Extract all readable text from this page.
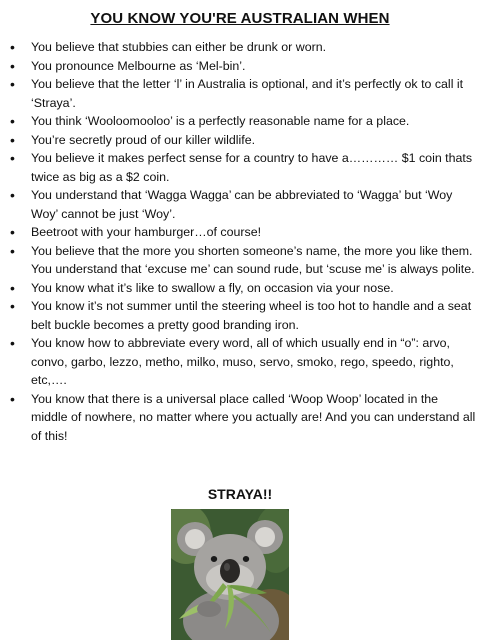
YOU KNOW YOU'RE AUSTRALIAN WHEN
• You believe that stubbies can either be drunk or worn.
• You pronounce Melbourne as ‘Mel-bin’.
• You believe that the letter ‘l’ in Australia is optional, and it’s perfectly ok to call it ‘Straya’.
• You think ‘Wooloomooloo’ is a perfectly reasonable name for a place.
• You’re secretly proud of our killer wildlife.
• You believe it makes perfect sense for a country to have a………… $1 coin thats twice as big as a $2 coin.
• You understand that ‘Wagga Wagga’ can be abbreviated to ‘Wagga’ but ‘Woy Woy’ cannot be just ‘Woy’.
• Beetroot with your hamburger…of course!
• You believe that the more you shorten someone’s name, the more you like them. You understand that ‘excuse me’ can sound rude, but ‘scuse me’ is always polite.
• You know what it’s like to swallow a fly, on occasion via your nose.
• You know it’s not summer until the steering wheel is too hot to handle and a seat belt buckle becomes a pretty good branding iron.
• You know how to abbreviate every word, all of which usually end in “o”: arvo, convo, garbo, lezzo, metho, milko, muso, servo, smoko, rego, speedo, righto, etc,….
• You know that there is a universal place called ‘Woop Woop’ located in the middle of nowhere, no matter where you actually are! And you can understand all of this!
STRAYA!!
